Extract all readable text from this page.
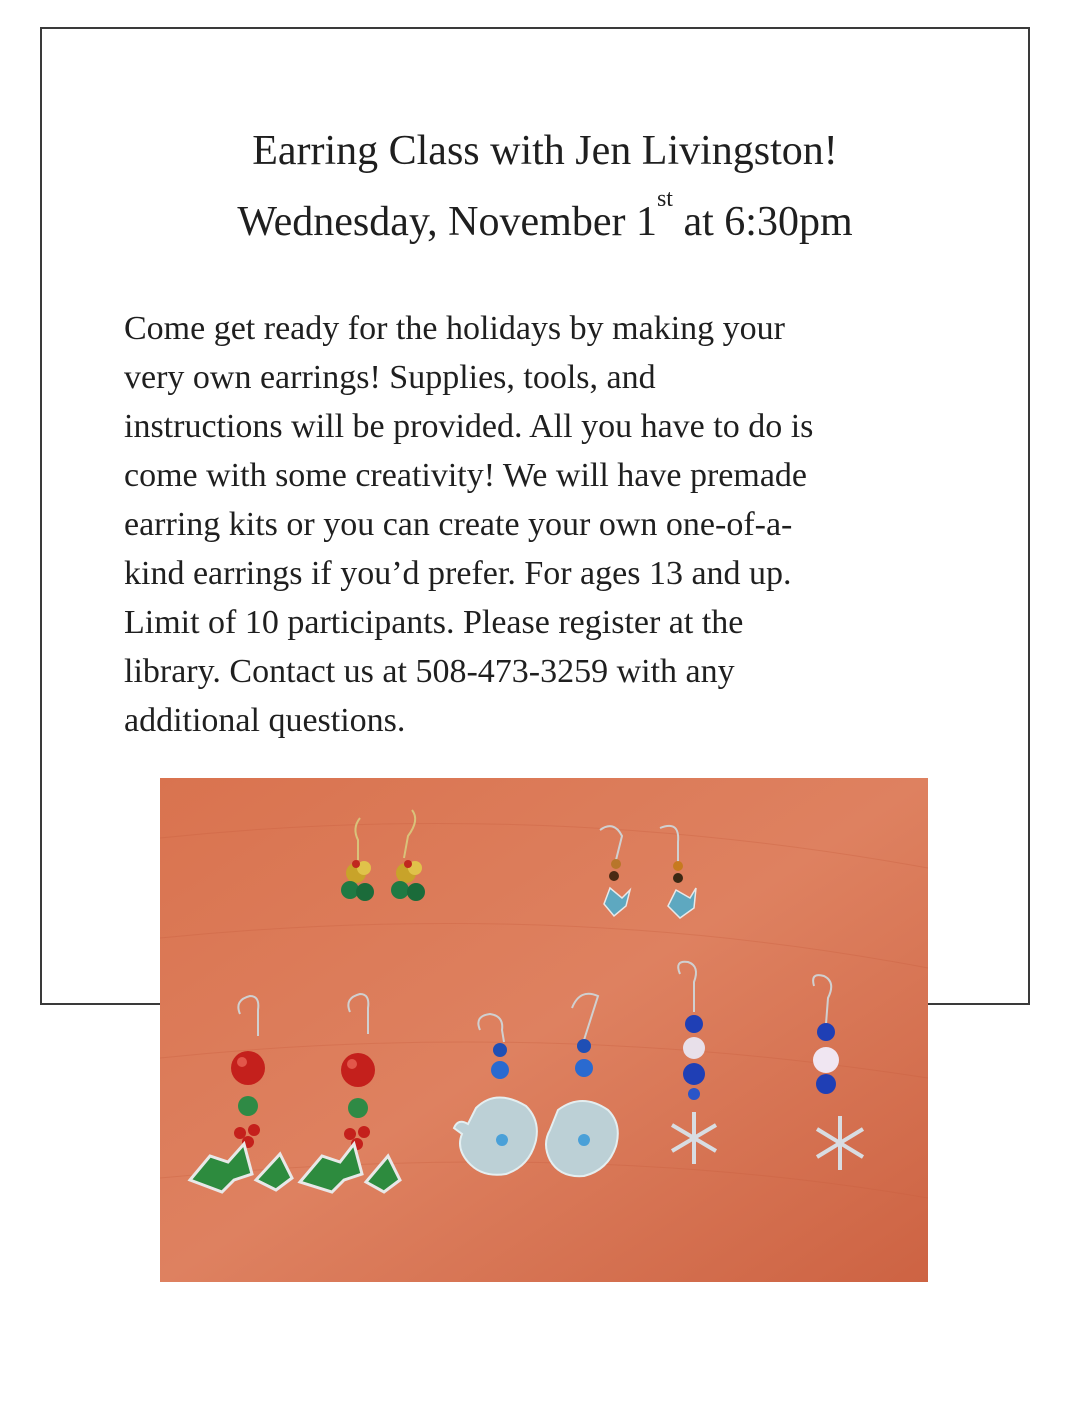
Earring Class with Jen Livingston!
Wednesday, November 1st at 6:30pm

Come get ready for the holidays by making your

very own earrings! Supplies, tools, and

instructions will be provided. All you have to do is

come with some creativity! We will have premade

earring kits or you can create your own one-of-a-

kind earrings if you’d prefer. For ages 13 and up.

Limit of 10 participants. Please register at the

library. Contact us at 508-473-3259 with any

additional questions.
